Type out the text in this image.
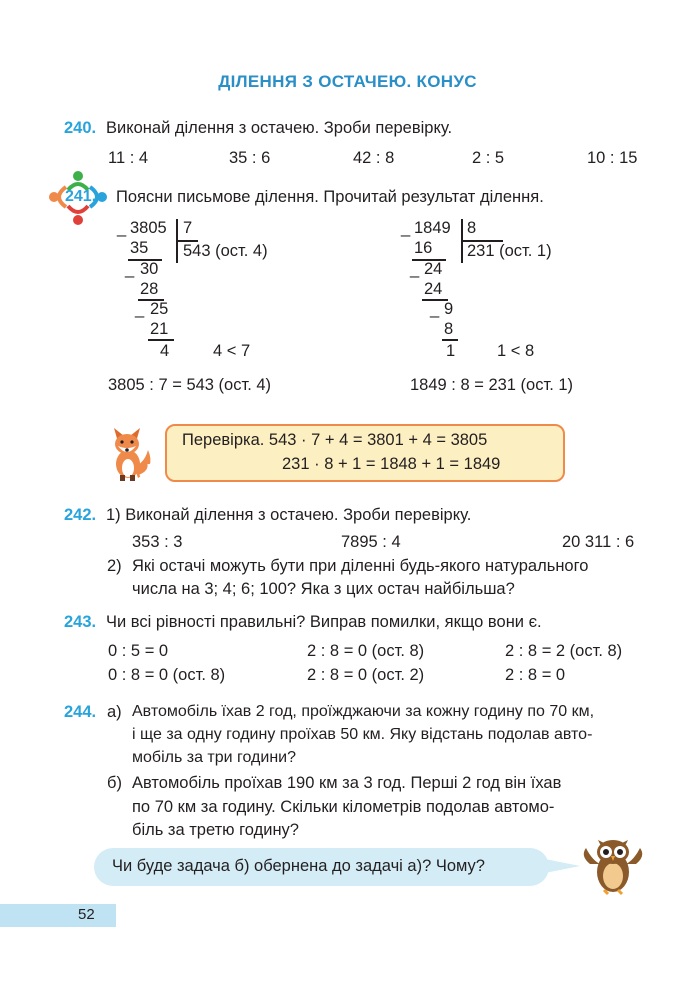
ДІЛЕННЯ З ОСТАЧЕЮ. КОНУС
240. Виконай ділення з остачею. Зроби перевірку.
11 : 4	35 : 6	42 : 8	2 : 5	10 : 15
241. Поясни письмове ділення. Прочитай результат ділення.
_ 3805 7
543 (ост. 4)
35
_ 30
28
_ 25
21
4	4 < 7
_ 1849 8
231 (ост. 1)
16
_ 24
24
_ 9
8
1	1 < 8
3805 : 7 = 543 (ост. 4)	1849 : 8 = 231 (ост. 1)
Перевірка. 543 · 7 + 4 = 3801 + 4 = 3805
231 · 8 + 1 = 1848 + 1 = 1849
242. 1) Виконай ділення з остачею. Зроби перевірку.
353 : 3	7895 : 4	20 311 : 6
2) Які остачі можуть бути при діленні будь-якого натурального
числа на 3; 4; 6; 100? Яка з цих остач найбільша?
243. Чи всі рівності правильні? Виправ помилки, якщо вони є.
0 : 5 = 0	2 : 8 = 0 (ост. 8)	2 : 8 = 2 (ост. 8)
0 : 8 = 0 (ост. 8)	2 : 8 = 0 (ост. 2)	2 : 8 = 0
244. а) Автомобіль їхав 2 год, проїжджаючи за кожну годину по 70 км,
і ще за одну годину проїхав 50 км. Яку відстань подолав авто-
мобіль за три години?
б) Автомобіль проїхав 190 км за 3 год. Перші 2 год він їхав
по 70 км за годину. Скільки кілометрів подолав автомо-
біль за третю годину?
Чи буде задача б) обернена до задачі а)? Чому?
52
